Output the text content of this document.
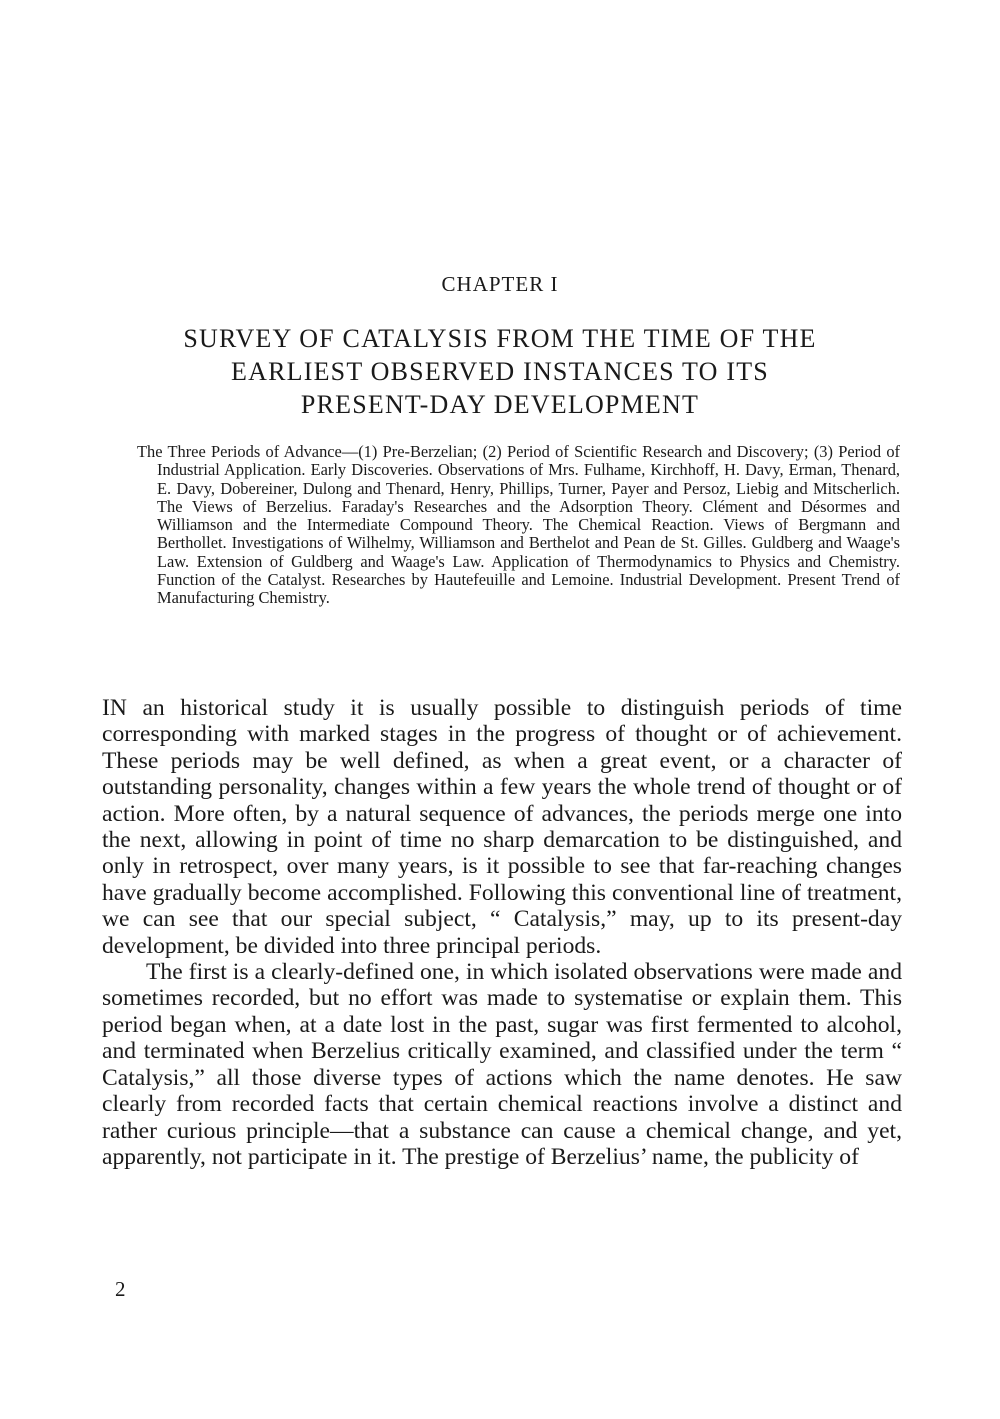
CHAPTER I
SURVEY OF CATALYSIS FROM THE TIME OF THE
EARLIEST OBSERVED INSTANCES TO ITS
PRESENT-DAY DEVELOPMENT

The Three Periods of Advance—(1) Pre-Berzelian; (2) Period of Scientific Research and Discovery; (3) Period of Industrial Application. Early Discoveries. Observations of Mrs. Fulhame, Kirchhoff, H. Davy, Erman, Thenard, E. Davy, Dobereiner, Dulong and Thenard, Henry, Phillips, Turner, Payer and Persoz, Liebig and Mitscherlich. The Views of Berzelius. Faraday's Researches and the Adsorption Theory. Clément and Désormes and Williamson and the Intermediate Compound Theory. The Chemical Reaction. Views of Bergmann and Berthollet. Investigations of Wilhelmy, Williamson and Berthelot and Pean de St. Gilles. Guldberg and Waage's Law. Extension of Guldberg and Waage's Law. Application of Thermodynamics to Physics and Chemistry. Function of the Catalyst. Researches by Hautefeuille and Lemoine. Industrial Development. Present Trend of Manufacturing Chemistry.

IN an historical study it is usually possible to distinguish periods of time corresponding with marked stages in the progress of thought or of achievement. These periods may be well defined, as when a great event, or a character of outstanding personality, changes within a few years the whole trend of thought or of action. More often, by a natural sequence of advances, the periods merge one into the next, allowing in point of time no sharp demarcation to be distinguished, and only in retrospect, over many years, is it possible to see that far-reaching changes have gradually become accomplished. Following this conventional line of treatment, we can see that our special subject, “ Catalysis,” may, up to its present-day development, be divided into three principal periods.

The first is a clearly-defined one, in which isolated observations were made and sometimes recorded, but no effort was made to systematise or explain them. This period began when, at a date lost in the past, sugar was first fermented to alcohol, and terminated when Berzelius critically examined, and classified under the term “ Catalysis,” all those diverse types of actions which the name denotes. He saw clearly from recorded facts that certain chemical reactions involve a distinct and rather curious principle—that a substance can cause a chemical change, and yet, apparently, not participate in it. The prestige of Berzelius’ name, the publicity of

2
